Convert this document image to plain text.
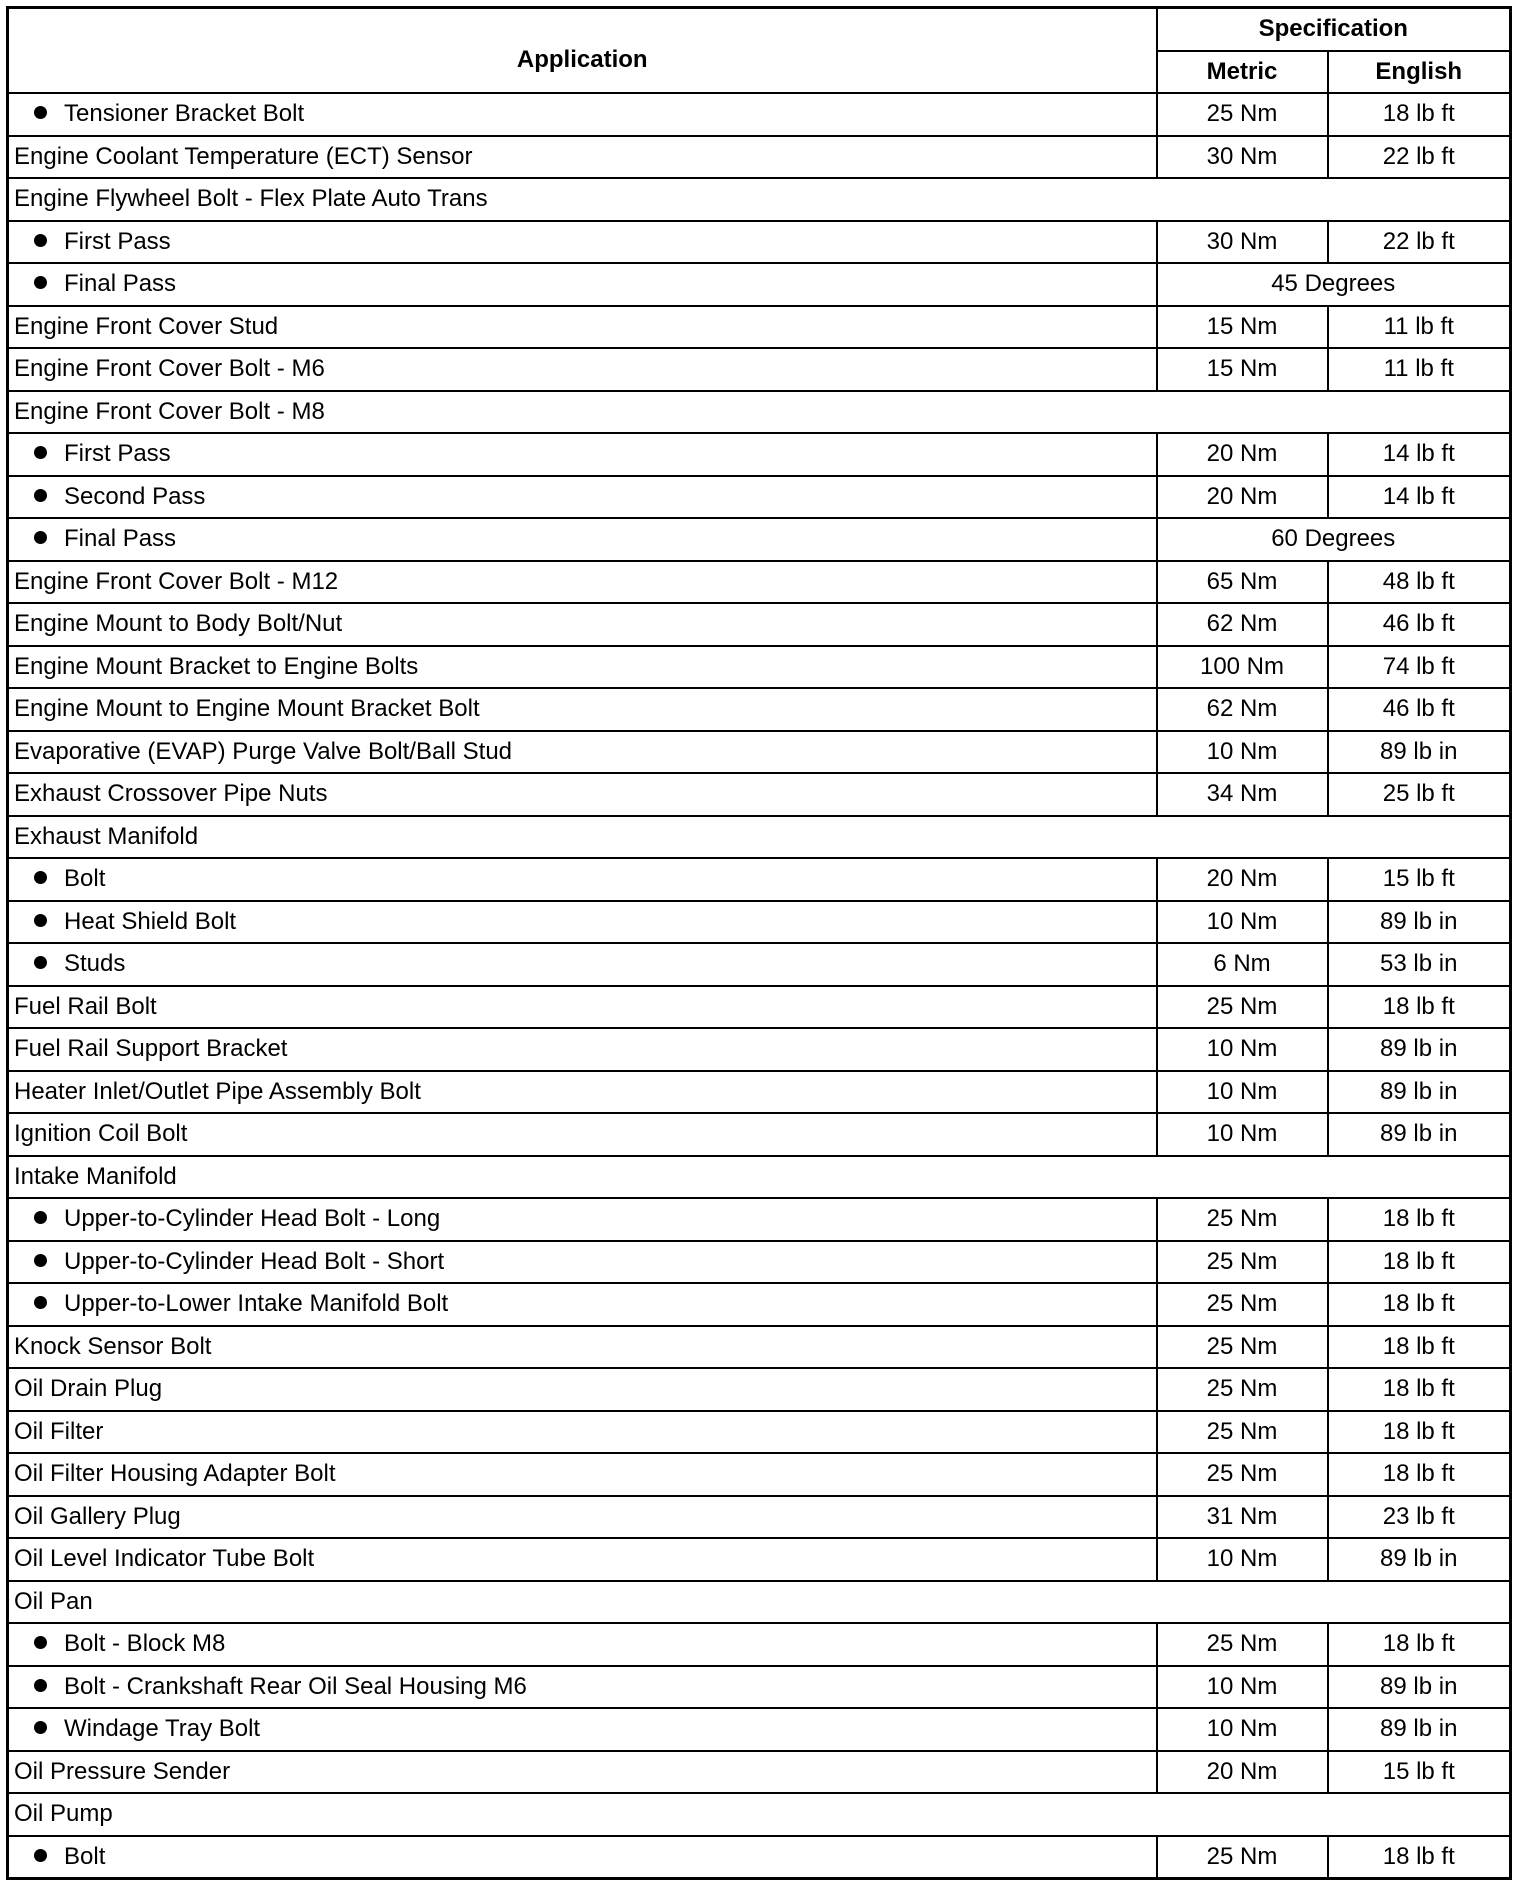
Application	Specification	
	Metric	English
Tensioner Bracket Bolt	25 Nm	18 lb ft
Engine Coolant Temperature (ECT) Sensor	30 Nm	22 lb ft
Engine Flywheel Bolt - Flex Plate Auto Trans		
First Pass	30 Nm	22 lb ft
Final Pass	45 Degrees	
Engine Front Cover Stud	15 Nm	11 lb ft
Engine Front Cover Bolt - M6	15 Nm	11 lb ft
Engine Front Cover Bolt - M8		
First Pass	20 Nm	14 lb ft
Second Pass	20 Nm	14 lb ft
Final Pass	60 Degrees	
Engine Front Cover Bolt - M12	65 Nm	48 lb ft
Engine Mount to Body Bolt/Nut	62 Nm	46 lb ft
Engine Mount Bracket to Engine Bolts	100 Nm	74 lb ft
Engine Mount to Engine Mount Bracket Bolt	62 Nm	46 lb ft
Evaporative (EVAP) Purge Valve Bolt/Ball Stud	10 Nm	89 lb in
Exhaust Crossover Pipe Nuts	34 Nm	25 lb ft
Exhaust Manifold		
Bolt	20 Nm	15 lb ft
Heat Shield Bolt	10 Nm	89 lb in
Studs	6 Nm	53 lb in
Fuel Rail Bolt	25 Nm	18 lb ft
Fuel Rail Support Bracket	10 Nm	89 lb in
Heater Inlet/Outlet Pipe Assembly Bolt	10 Nm	89 lb in
Ignition Coil Bolt	10 Nm	89 lb in
Intake Manifold		
Upper-to-Cylinder Head Bolt - Long	25 Nm	18 lb ft
Upper-to-Cylinder Head Bolt - Short	25 Nm	18 lb ft
Upper-to-Lower Intake Manifold Bolt	25 Nm	18 lb ft
Knock Sensor Bolt	25 Nm	18 lb ft
Oil Drain Plug	25 Nm	18 lb ft
Oil Filter	25 Nm	18 lb ft
Oil Filter Housing Adapter Bolt	25 Nm	18 lb ft
Oil Gallery Plug	31 Nm	23 lb ft
Oil Level Indicator Tube Bolt	10 Nm	89 lb in
Oil Pan		
Bolt - Block M8	25 Nm	18 lb ft
Bolt - Crankshaft Rear Oil Seal Housing M6	10 Nm	89 lb in
Windage Tray Bolt	10 Nm	89 lb in
Oil Pressure Sender	20 Nm	15 lb ft
Oil Pump		
Bolt	25 Nm	18 lb ft
